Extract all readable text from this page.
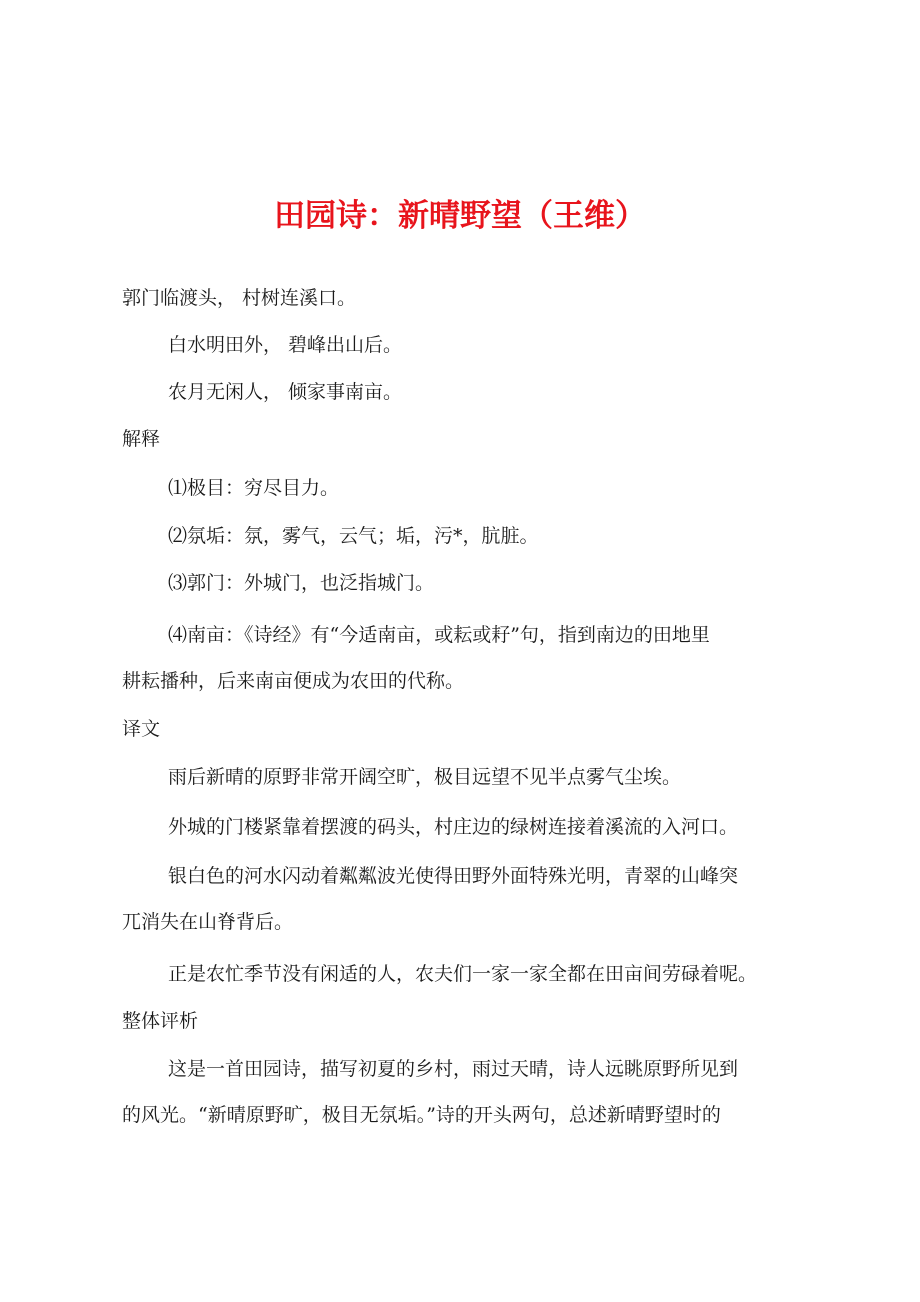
田园诗：新晴野望（王维）

郭门临渡头， 村树连溪口。

白水明田外， 碧峰出山后。

农月无闲人， 倾家事南亩。

解释

⑴极目：穷尽目力。

⑵氛垢：氛，雾气，云气；垢，污*，肮脏。

⑶郭门：外城门，也泛指城门。

⑷南亩：《诗经》有“今适南亩，或耘或耔”句，指到南边的田地里

耕耘播种，后来南亩便成为农田的代称。

译文

雨后新晴的原野非常开阔空旷，极目远望不见半点雾气尘埃。

外城的门楼紧靠着摆渡的码头，村庄边的绿树连接着溪流的入河口。

银白色的河水闪动着粼粼波光使得田野外面特殊光明，青翠的山峰突

兀消失在山脊背后。

正是农忙季节没有闲适的人，农夫们一家一家全都在田亩间劳碌着呢。

整体评析

这是一首田园诗，描写初夏的乡村，雨过天晴，诗人远眺原野所见到

的风光。“新晴原野旷，极目无氛垢。”诗的开头两句，总述新晴野望时的
